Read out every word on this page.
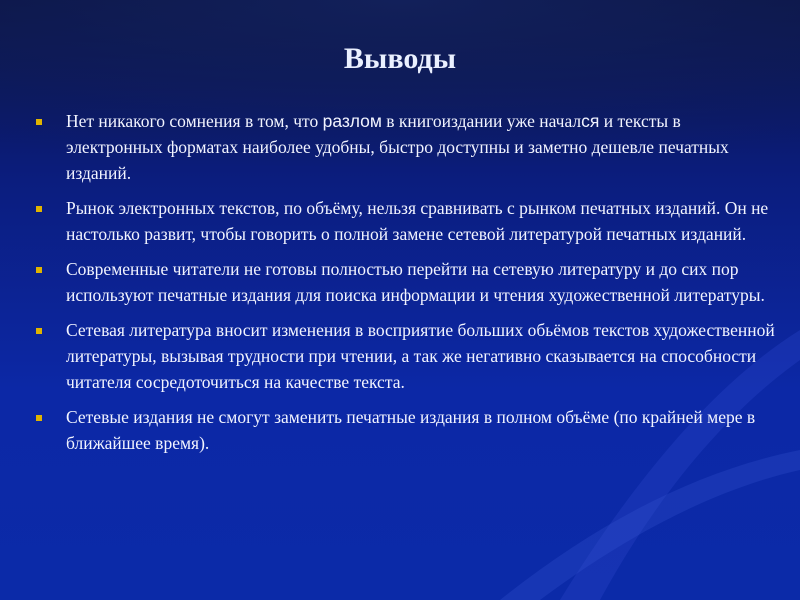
Выводы
Нет никакого сомнения в том, что разлом в книгоиздании уже начался и тексты в электронных форматах наиболее удобны, быстро доступны и заметно дешевле печатных изданий.
Рынок электронных текстов, по объёму, нельзя сравнивать с рынком печатных изданий. Он не настолько развит, чтобы говорить о полной замене сетевой литературой печатных изданий.
Современные читатели не готовы полностью перейти на сетевую литературу и до сих пор используют печатные издания для поиска информации и чтения художественной литературы.
Сетевая литература вносит изменения в восприятие больших обьёмов текстов художественной литературы, вызывая трудности при чтении, а так же негативно сказывается на способности читателя сосредоточиться на качестве текста.
Сетевые издания не смогут заменить печатные издания в полном объёме (по крайней мере в ближайшее время).
